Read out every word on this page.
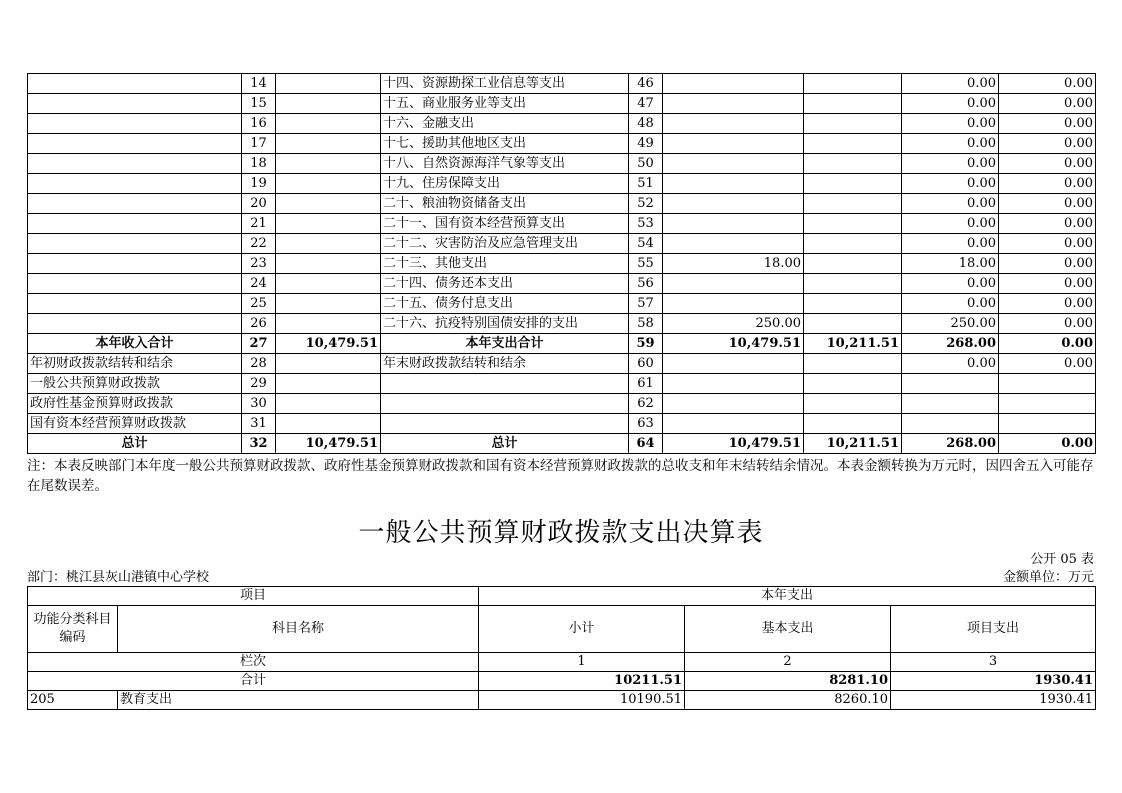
	14		十四、资源勘探工业信息等支出	46			0.00	0.00
	15		十五、商业服务业等支出	47			0.00	0.00
	16		十六、金融支出	48			0.00	0.00
	17		十七、援助其他地区支出	49			0.00	0.00
	18		十八、自然资源海洋气象等支出	50			0.00	0.00
	19		十九、住房保障支出	51			0.00	0.00
	20		二十、粮油物资储备支出	52			0.00	0.00
	21		二十一、国有资本经营预算支出	53			0.00	0.00
	22		二十二、灾害防治及应急管理支出	54			0.00	0.00
	23		二十三、其他支出	55	18.00		18.00	0.00
	24		二十四、债务还本支出	56			0.00	0.00
	25		二十五、债务付息支出	57			0.00	0.00
	26		二十六、抗疫特别国债安排的支出	58	250.00		250.00	0.00
本年收入合计	27	10,479.51	本年支出合计	59	10,479.51	10,211.51	268.00	0.00
年初财政拨款结转和结余	28		年末财政拨款结转和结余	60			0.00	0.00
一般公共预算财政拨款	29			61				
政府性基金预算财政拨款	30			62				
国有资本经营预算财政拨款	31			63				
总计	32	10,479.51	总计	64	10,479.51	10,211.51	268.00	0.00
注：本表反映部门本年度一般公共预算财政拨款、政府性基金预算财政拨款和国有资本经营预算财政拨款的总收支和年末结转结余情况。本表金额转换为万元时，因四舍五入可能存在尾数误差。
一般公共预算财政拨款支出决算表
公开 05 表
部门：桃江县灰山港镇中心学校	金额单位：万元
项目		本年支出		
功能分类科目编码	科目名称	小计	基本支出	项目支出
栏次		1	2	3
合计		10211.51	8281.10	1930.41
205	教育支出	10190.51	8260.10	1930.41
